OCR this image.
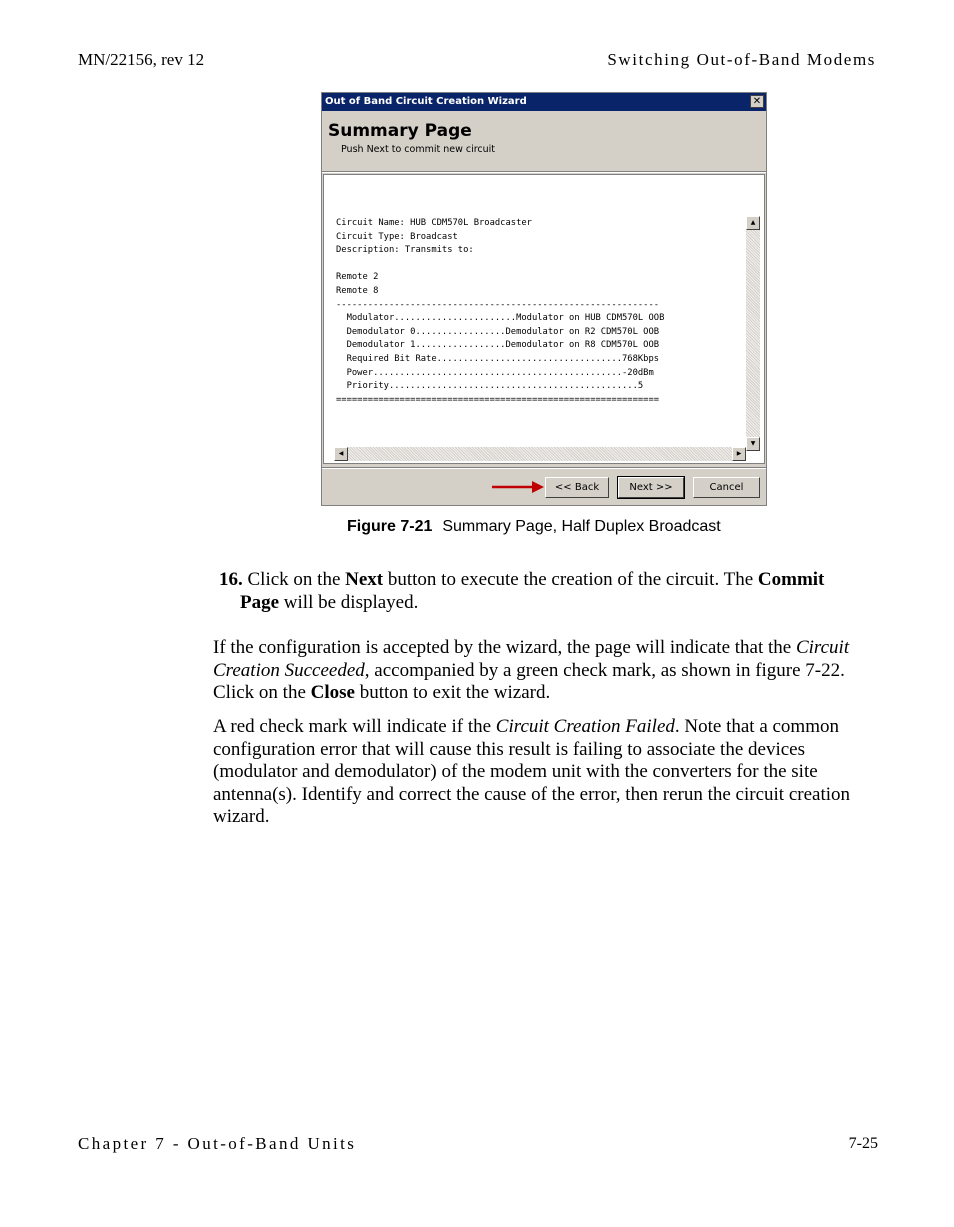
MN/22156, rev 12	Switching Out-of-Band Modems
Out of Band Circuit Creation Wizard	✕
Summary Page
Push Next to commit new circuit
Circuit Name: HUB CDM570L Broadcaster
Circuit Type: Broadcast
Description: Transmits to:

Remote 2
Remote 8
-------------------------------------------------------------
Modulator.......................Modulator on HUB CDM570L OOB
Demodulator 0.................Demodulator on R2 CDM570L OOB
Demodulator 1.................Demodulator on R8 CDM570L OOB
Required Bit Rate...................................768Kbps
Power...............................................-20dBm
Priority...............................................5
=============================================================
▲
▼
◀	▶
<< Back	Next >>	Cancel
Figure 7-21 Summary Page, Half Duplex Broadcast
16. Click on the Next button to execute the creation of the circuit. The Commit
Page will be displayed.
If the configuration is accepted by the wizard, the page will indicate that the Circuit Creation Succeeded, accompanied by a green check mark, as shown in figure 7-22. Click on the Close button to exit the wizard.
A red check mark will indicate if the Circuit Creation Failed. Note that a common configuration error that will cause this result is failing to associate the devices (modulator and demodulator) of the modem unit with the converters for the site antenna(s). Identify and correct the cause of the error, then rerun the circuit creation wizard.
Chapter 7 - Out-of-Band Units	7-25
